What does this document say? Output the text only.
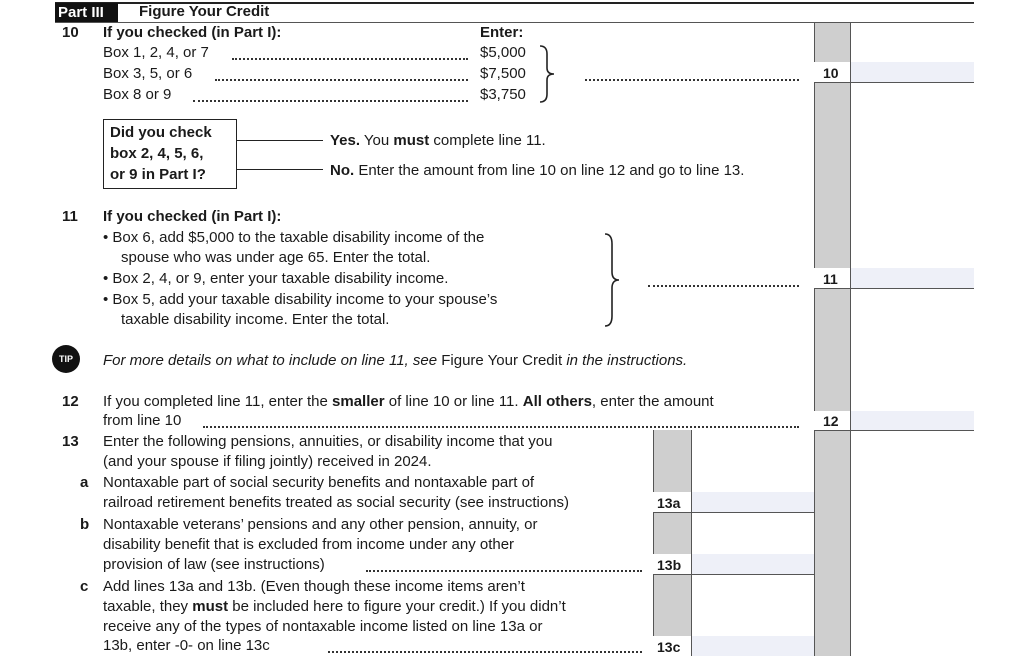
Part III	Figure Your Credit
10
11
12
13a
13b
13c
10 If you checked (in Part I):	Enter:
Box 1, 2, 4, or 7	$5,000
Box 3, 5, or 6	$7,500
Box 8 or 9	$3,750
Did you check
box 2, 4, 5, 6,
or 9 in Part I?
Yes. You must complete line 11.
No. Enter the amount from line 10 on line 12 and go to line 13.
11 If you checked (in Part I):
• Box 6, add $5,000 to the taxable disability income of the
spouse who was under age 65. Enter the total.
• Box 2, 4, or 9, enter your taxable disability income.
• Box 5, add your taxable disability income to your spouse’s
taxable disability income. Enter the total.
TIP	For more details on what to include on line 11, see Figure Your Credit in the instructions.
12 If you completed line 11, enter the smaller of line 10 or line 11. All others, enter the amount
from line 10
13 Enter the following pensions, annuities, or disability income that you
(and your spouse if filing jointly) received in 2024.
a Nontaxable part of social security benefits and nontaxable part of
railroad retirement benefits treated as social security (see instructions)
b Nontaxable veterans’ pensions and any other pension, annuity, or
disability benefit that is excluded from income under any other
provision of law (see instructions)
c Add lines 13a and 13b. (Even though these income items aren’t
taxable, they must be included here to figure your credit.) If you didn’t
receive any of the types of nontaxable income listed on line 13a or
13b, enter -0- on line 13c
